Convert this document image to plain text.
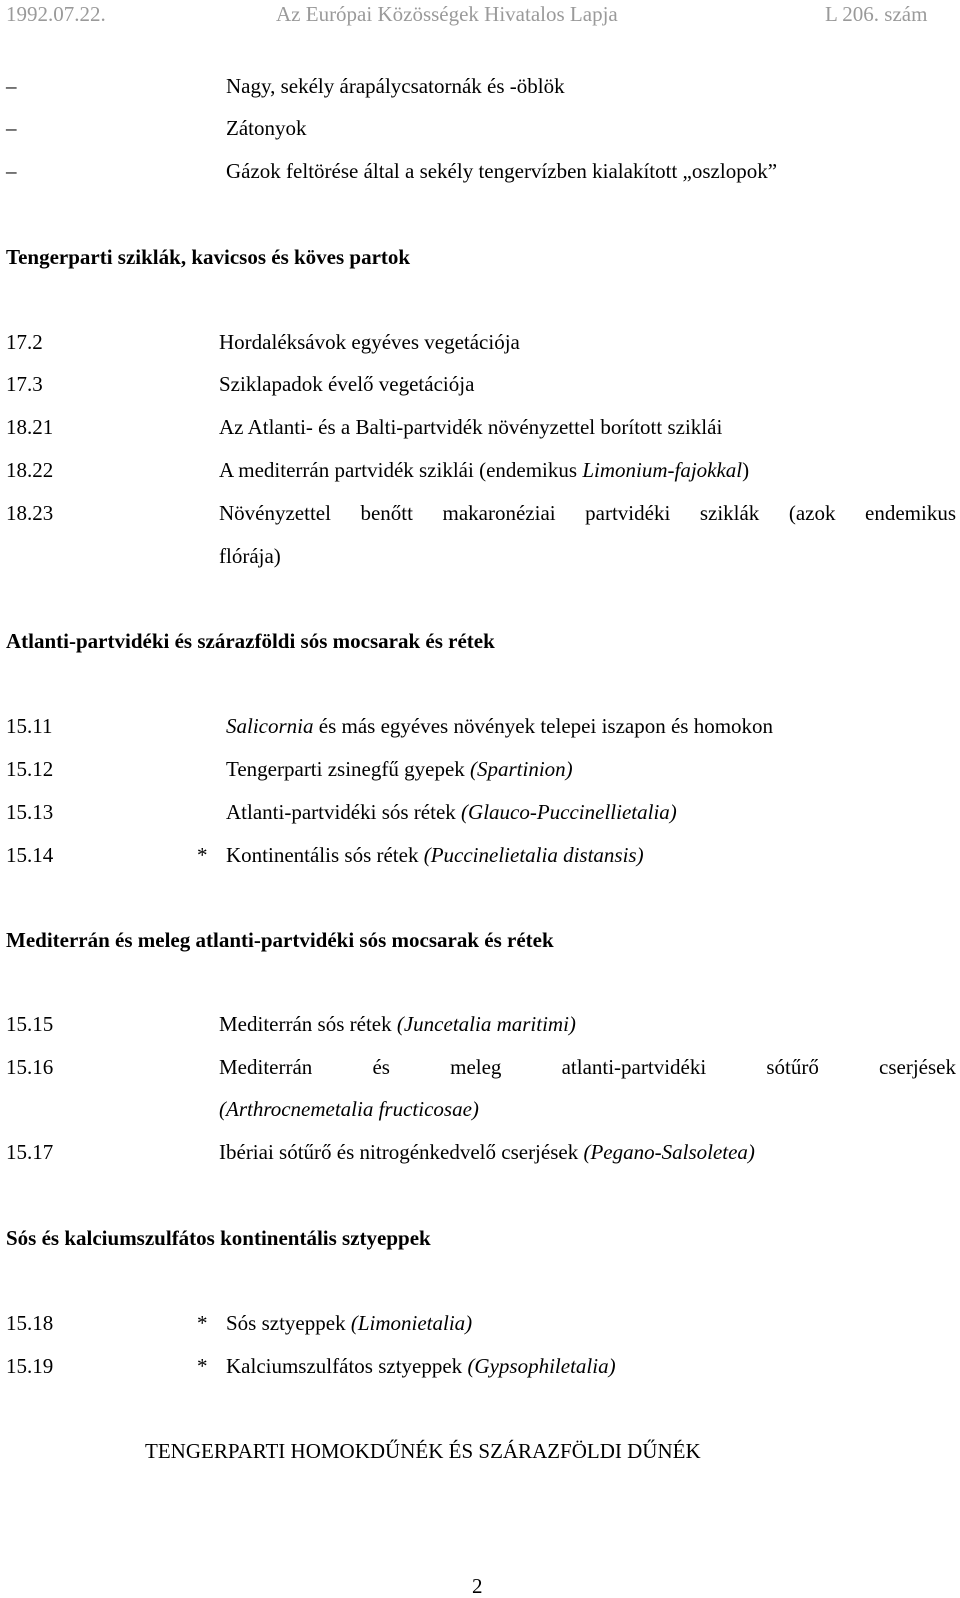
1992.07.22.	Az Európai Közösségek Hivatalos Lapja	L 206. szám
–	Nagy, sekély árapálycsatornák és -öblök
–	Zátonyok
–	Gázok feltörése által a sekély tengervízben kialakított „oszlopok”
Tengerparti sziklák, kavicsos és köves partok
17.2	Hordaléksávok egyéves vegetációja
17.3	Sziklapadok évelő vegetációja
18.21	Az Atlanti- és a Balti-partvidék növényzettel borított sziklái
18.22	A mediterrán partvidék sziklái (endemikus Limonium-fajokkal)
18.23	Növényzettel benőtt makaronéziai partvidéki sziklák (azok endemikus
flórája)
Atlanti-partvidéki és szárazföldi sós mocsarak és rétek
15.11	Salicornia és más egyéves növények telepei iszapon és homokon
15.12	Tengerparti zsinegfű gyepek (Spartinion)
15.13	Atlanti-partvidéki sós rétek (Glauco-Puccinellietalia)
15.14	* Kontinentális sós rétek (Puccinelietalia distansis)
Mediterrán és meleg atlanti-partvidéki sós mocsarak és rétek
15.15	Mediterrán sós rétek (Juncetalia maritimi)
15.16	Mediterrán	és	meleg	atlanti-partvidéki	sótűrő	cserjések
(Arthrocnemetalia fructicosae)
15.17	Ibériai sótűrő és nitrogénkedvelő cserjések (Pegano-Salsoletea)
Sós és kalciumszulfátos kontinentális sztyeppek
15.18	* Sós sztyeppek (Limonietalia)
15.19	* Kalciumszulfátos sztyeppek (Gypsophiletalia)
TENGERPARTI HOMOKDŰNÉK ÉS SZÁRAZFÖLDI DŰNÉK
2
